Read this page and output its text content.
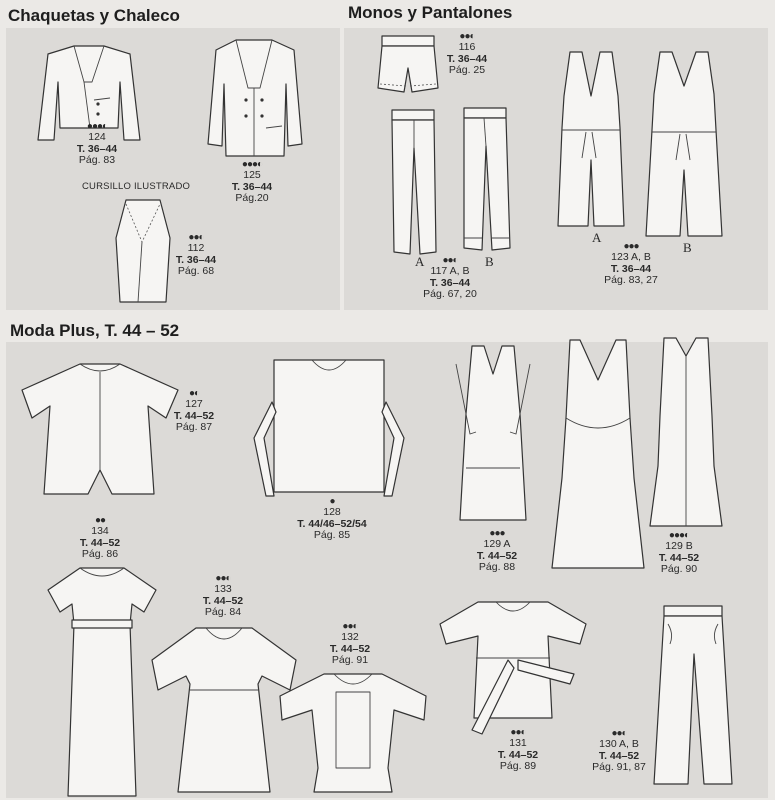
Chaquetas y Chaleco	Monos y Pantalones
Moda Plus, T. 44 – 52
CURSILLO ILUSTRADO
A	B
A
B
●●●◐
124
T. 36–44
Pág. 83	●●●◐
125
T. 36–44
Pág.20
●●◐
112
T. 36–44
Pág. 68
●●◐
116
T. 36–44
Pág. 25
●●◐
117 A, B
T. 36–44
Pág. 67, 20
●●●
123 A, B
T. 36–44
Pág. 83, 27
●◐
127
T. 44–52
Pág. 87
●
128
T. 44/46–52/54
Pág. 85	●●●
129 A
T. 44–52
Pág. 88
●●●◐
129 B
T. 44–52
Pág. 90
●●
134
T. 44–52
Pág. 86
●●◐
133
T. 44–52
Pág. 84
●●◐
132
T. 44–52
Pág. 91
●●◐
131
T. 44–52
Pág. 89
●●◐
130 A, B
T. 44–52
Pág. 91, 87
